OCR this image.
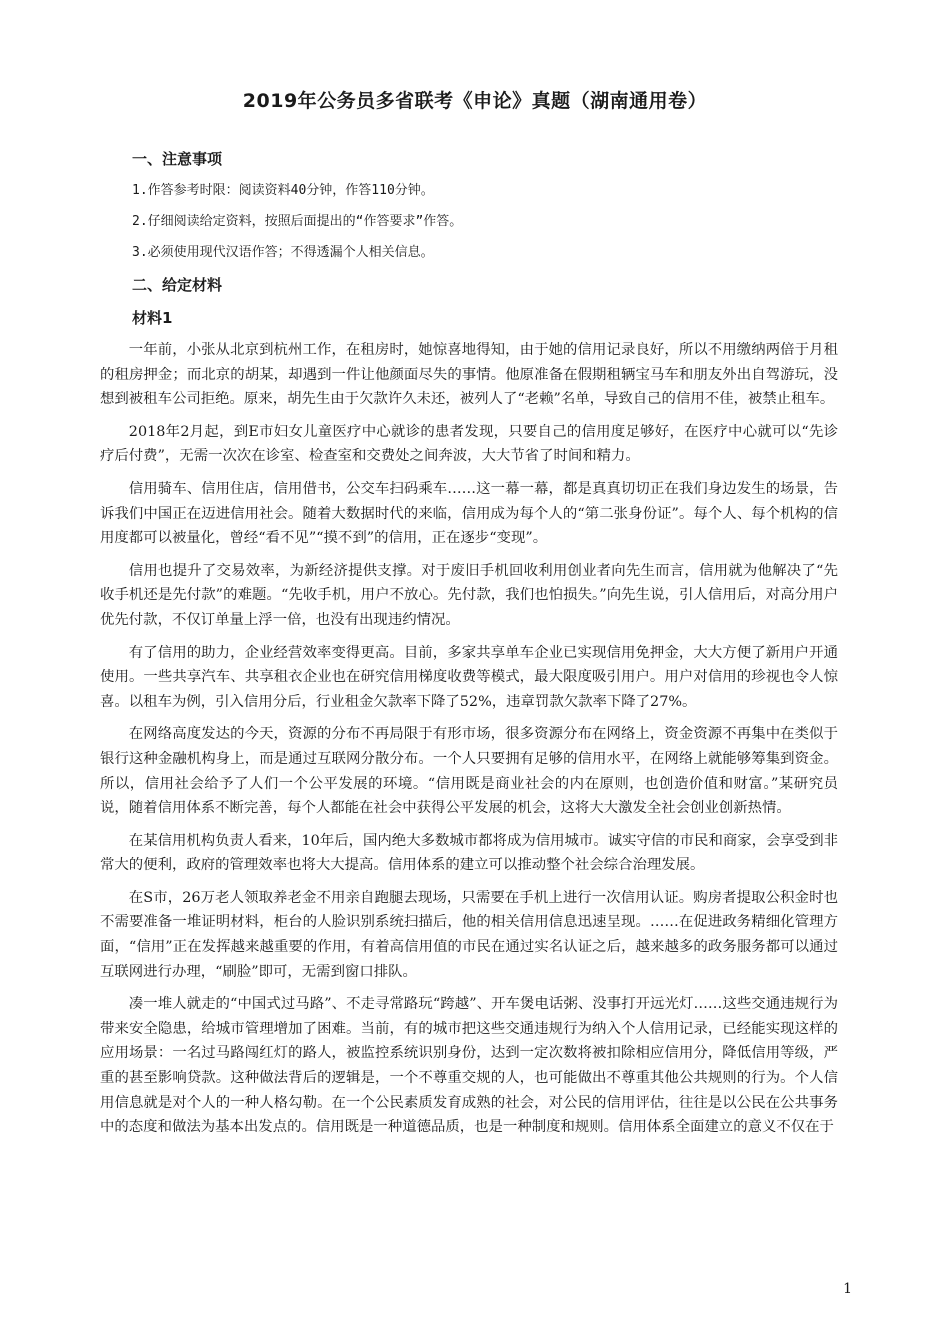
2019年公务员多省联考《申论》真题（湖南通用卷）
一、注意事项
1.作答参考时限：阅读资料40分钟，作答110分钟。
2.仔细阅读给定资料，按照后面提出的“作答要求”作答。
3.必须使用现代汉语作答；不得透漏个人相关信息。
二、给定材料
材料1

一年前，小张从北京到杭州工作，在租房时，她惊喜地得知，由于她的信用记录良好，所以不用缴纳两倍于月租的租房押金；而北京的胡某，却遇到一件让他颜面尽失的事情。他原准备在假期租辆宝马车和朋友外出自驾游玩，没想到被租车公司拒绝。原来，胡先生由于欠款许久未还，被列人了“老赖”名单，导致自己的信用不佳，被禁止租车。

2018年2月起，到E市妇女儿童医疗中心就诊的患者发现，只要自己的信用度足够好，在医疗中心就可以“先诊疗后付费”，无需一次次在诊室、检查室和交费处之间奔波，大大节省了时间和精力。

信用骑车、信用住店，信用借书，公交车扫码乘车……这一幕一幕，都是真真切切正在我们身边发生的场景，告诉我们中国正在迈进信用社会。随着大数据时代的来临，信用成为每个人的“第二张身份证”。每个人、每个机构的信用度都可以被量化，曾经“看不见”“摸不到”的信用，正在逐步“变现”。

信用也提升了交易效率，为新经济提供支撑。对于废旧手机回收利用创业者向先生而言，信用就为他解决了“先收手机还是先付款”的难题。“先收手机，用户不放心。先付款，我们也怕损失。”向先生说，引人信用后，对高分用户优先付款，不仅订单量上浮一倍，也没有出现违约情况。

有了信用的助力，企业经营效率变得更高。目前，多家共享单车企业已实现信用免押金，大大方便了新用户开通使用。一些共享汽车、共享租衣企业也在研究信用梯度收费等模式，最大限度吸引用户。用户对信用的珍视也令人惊喜。以租车为例，引入信用分后，行业租金欠款率下降了52%，违章罚款欠款率下降了27%。

在网络高度发达的今天，资源的分布不再局限于有形市场，很多资源分布在网络上，资金资源不再集中在类似于银行这种金融机构身上，而是通过互联网分散分布。一个人只要拥有足够的信用水平，在网络上就能够筹集到资金。所以，信用社会给予了人们一个公平发展的环境。“信用既是商业社会的内在原则，也创造价值和财富。”某研究员说，随着信用体系不断完善，每个人都能在社会中获得公平发展的机会，这将大大激发全社会创业创新热情。

在某信用机构负责人看来，10年后，国内绝大多数城市都将成为信用城市。诚实守信的市民和商家，会享受到非常大的便利，政府的管理效率也将大大提高。信用体系的建立可以推动整个社会综合治理发展。

在S市，26万老人领取养老金不用亲自跑腿去现场，只需要在手机上进行一次信用认证。购房者提取公积金时也不需要准备一堆证明材料，柜台的人脸识别系统扫描后，他的相关信用信息迅速呈现。……在促进政务精细化管理方面，“信用”正在发挥越来越重要的作用，有着高信用值的市民在通过实名认证之后，越来越多的政务服务都可以通过互联网进行办理，“刷脸”即可，无需到窗口排队。

凑一堆人就走的“中国式过马路”、不走寻常路玩“跨越”、开车煲电话粥、没事打开远光灯……这些交通违规行为带来安全隐患，给城市管理增加了困难。当前，有的城市把这些交通违规行为纳入个人信用记录，已经能实现这样的应用场景：一名过马路闯红灯的路人，被监控系统识别身份，达到一定次数将被扣除相应信用分，降低信用等级，严重的甚至影响贷款。这种做法背后的逻辑是，一个不尊重交规的人，也可能做出不尊重其他公共规则的行为。个人信用信息就是对个人的一种人格勾勒。在一个公民素质发育成熟的社会，对公民的信用评估，往往是以公民在公共事务中的态度和做法为基本出发点的。信用既是一种道德品质，也是一种制度和规则。信用体系全面建立的意义不仅在于

1
